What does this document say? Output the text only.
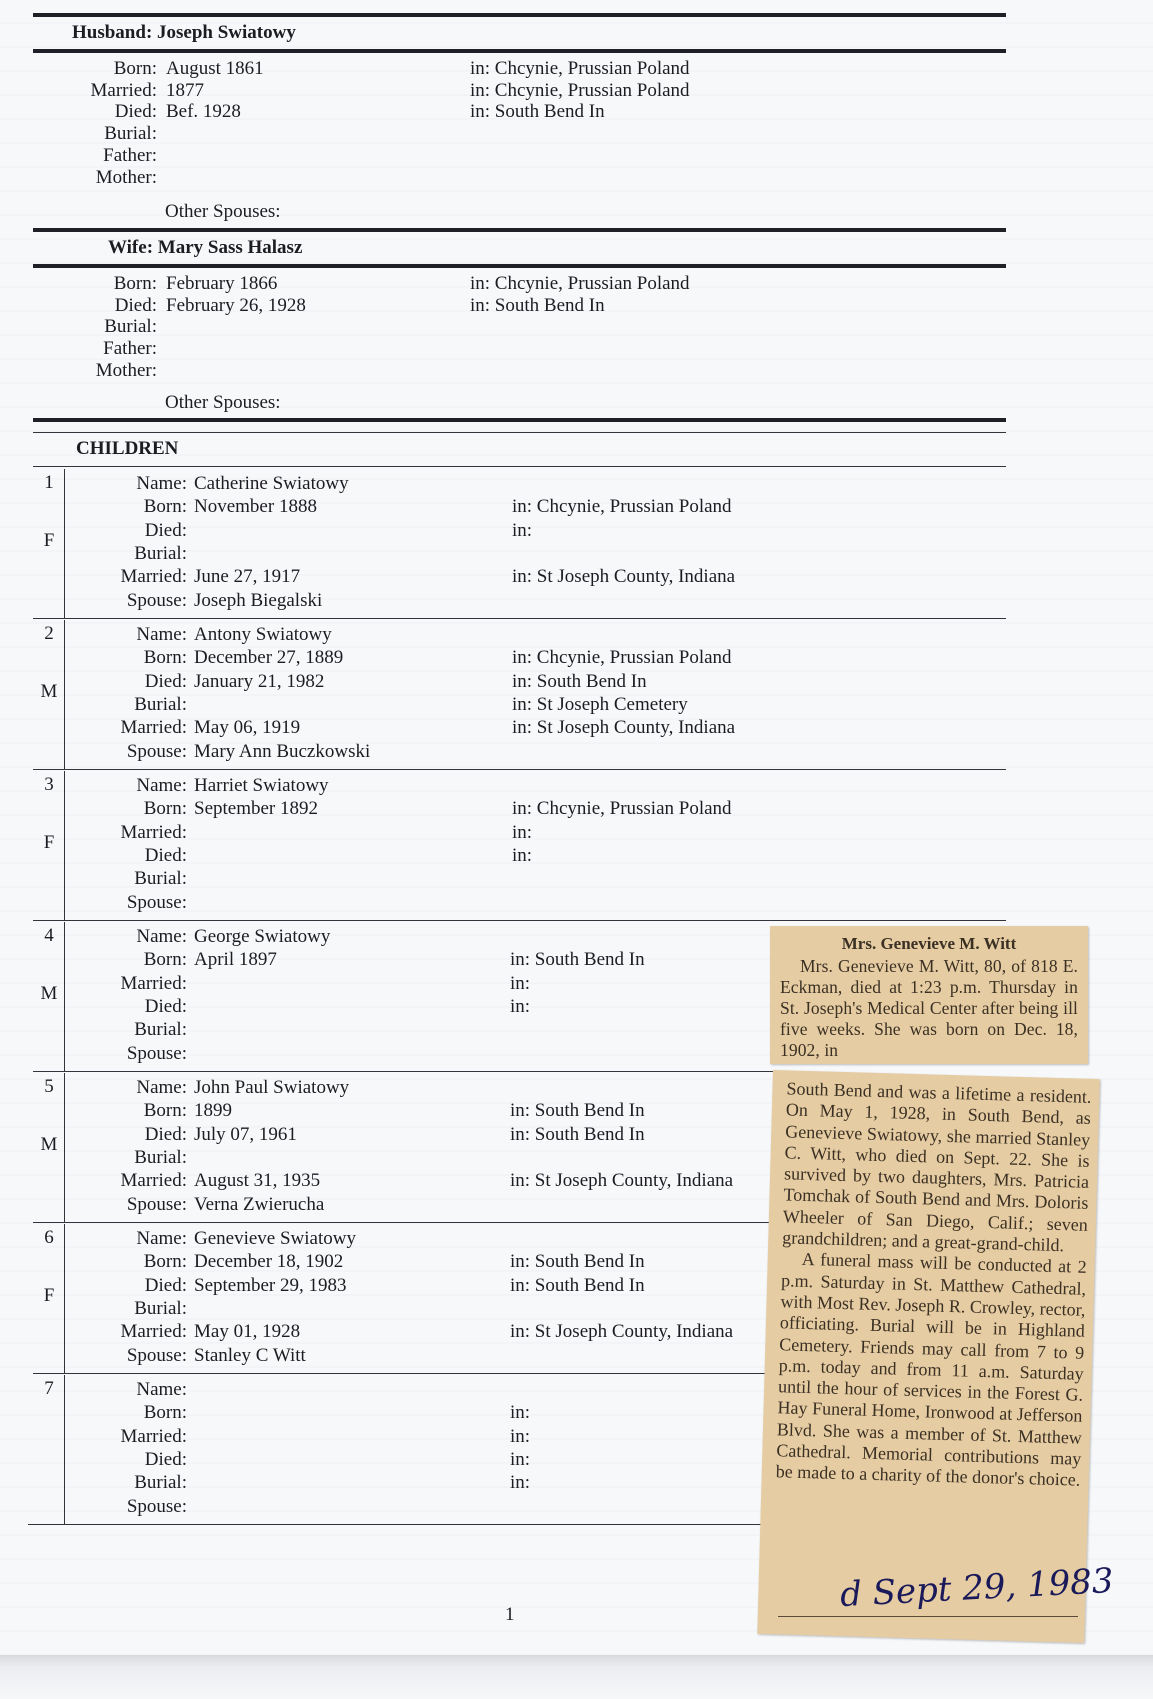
Husband: Joseph Swiatowy
Born: August 1861	in: Chcynie, Prussian Poland
Married: 1877	in: Chcynie, Prussian Poland
Died: Bef. 1928	in: South Bend In
Burial:
Father:
Mother:
Other Spouses:
Wife: Mary Sass Halasz
Born: February 1866	in: Chcynie, Prussian Poland
Died: February 26, 1928	in: South Bend In
Burial:
Father:
Mother:
Other Spouses:
CHILDREN
1
F
Name: Catherine Swiatowy
Born: November 1888	in: Chcynie, Prussian Poland
Died:	in:
Burial:
Married: June 27, 1917	in: St Joseph County, Indiana
Spouse: Joseph Biegalski
2
M
Name: Antony Swiatowy
Born: December 27, 1889	in: Chcynie, Prussian Poland
Died: January 21, 1982	in: South Bend In
Burial:	in: St Joseph Cemetery
Married: May 06, 1919	in: St Joseph County, Indiana
Spouse: Mary Ann Buczkowski
3
F
Name: Harriet Swiatowy
Born: September 1892	in: Chcynie, Prussian Poland
Married:	in:
Died:	in:
Burial:
Spouse:
4
M
Name: George Swiatowy
Born: April 1897	in: South Bend In
Married:	in:
Died:	in:
Burial:
Spouse:
5
M
Name: John Paul Swiatowy
Born: 1899	in: South Bend In
Died: July 07, 1961	in: South Bend In
Burial:
Married: August 31, 1935	in: St Joseph County, Indiana
Spouse: Verna Zwierucha
6
F
Name: Genevieve Swiatowy
Born: December 18, 1902	in: South Bend In
Died: September 29, 1983	in: South Bend In
Burial:
Married: May 01, 1928	in: St Joseph County, Indiana
Spouse: Stanley C Witt
7	Name:
Born:	in:
Married:	in:
Died:	in:
Burial:	in:
Spouse:
Mrs. Genevieve M. Witt

Mrs. Genevieve M. Witt, 80, of 818 E. Eckman, died at 1:23 p.m. Thursday in St. Joseph's Medical Center after being ill five weeks. She was born on Dec. 18, 1902, in

South Bend and was a lifetime a resident. On May 1, 1928, in South Bend, as Genevieve Swiatowy, she married Stanley C. Witt, who died on Sept. 22. She is survived by two daughters, Mrs. Patricia Tomchak of South Bend and Mrs. Doloris Wheeler of San Diego, Calif.; seven grandchildren; and a great-grand-child.

A funeral mass will be conducted at 2 p.m. Saturday in St. Matthew Cathedral, with Most Rev. Joseph R. Crowley, rector, officiating. Burial will be in Highland Cemetery. Friends may call from 7 to 9 p.m. today and from 11 a.m. Saturday until the hour of services in the Forest G. Hay Funeral Home, Ironwood at Jefferson Blvd. She was a member of St. Matthew Cathedral. Memorial contributions may be made to a charity of the donor's choice.

d Sept 29, 1983
1
